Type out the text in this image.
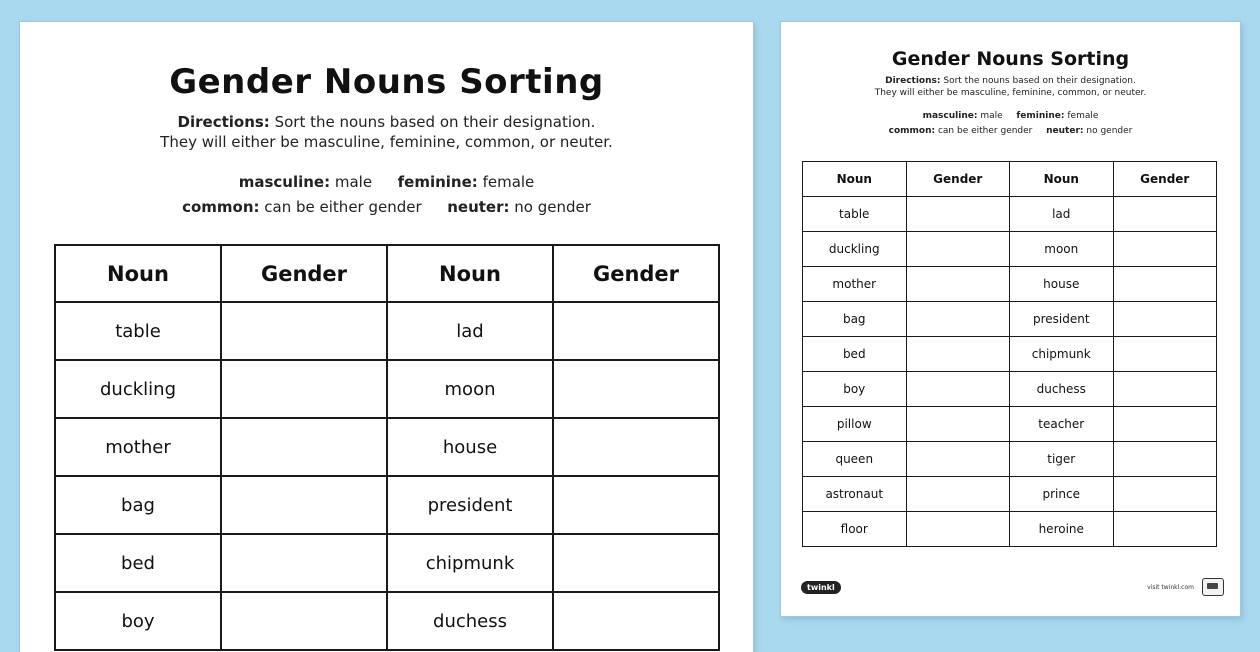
Gender Nouns Sorting
Directions: Sort the nouns based on their designation.
They will either be masculine, feminine, common, or neuter.
masculine: male feminine: female
common: can be either gender neuter: no gender
Noun	Gender	Noun	Gender
table		lad	
duckling		moon	
mother		house	
bag		president	
bed		chipmunk	
boy		duchess	
Gender Nouns Sorting
Directions: Sort the nouns based on their designation.
They will either be masculine, feminine, common, or neuter.
masculine: male feminine: female
common: can be either gender neuter: no gender
Noun	Gender	Noun	Gender
table		lad	
duckling		moon	
mother		house	
bag		president	
bed		chipmunk	
boy		duchess	
pillow		teacher	
queen		tiger	
astronaut		prince	
floor		heroine	
twinkl	visit twinkl.com
